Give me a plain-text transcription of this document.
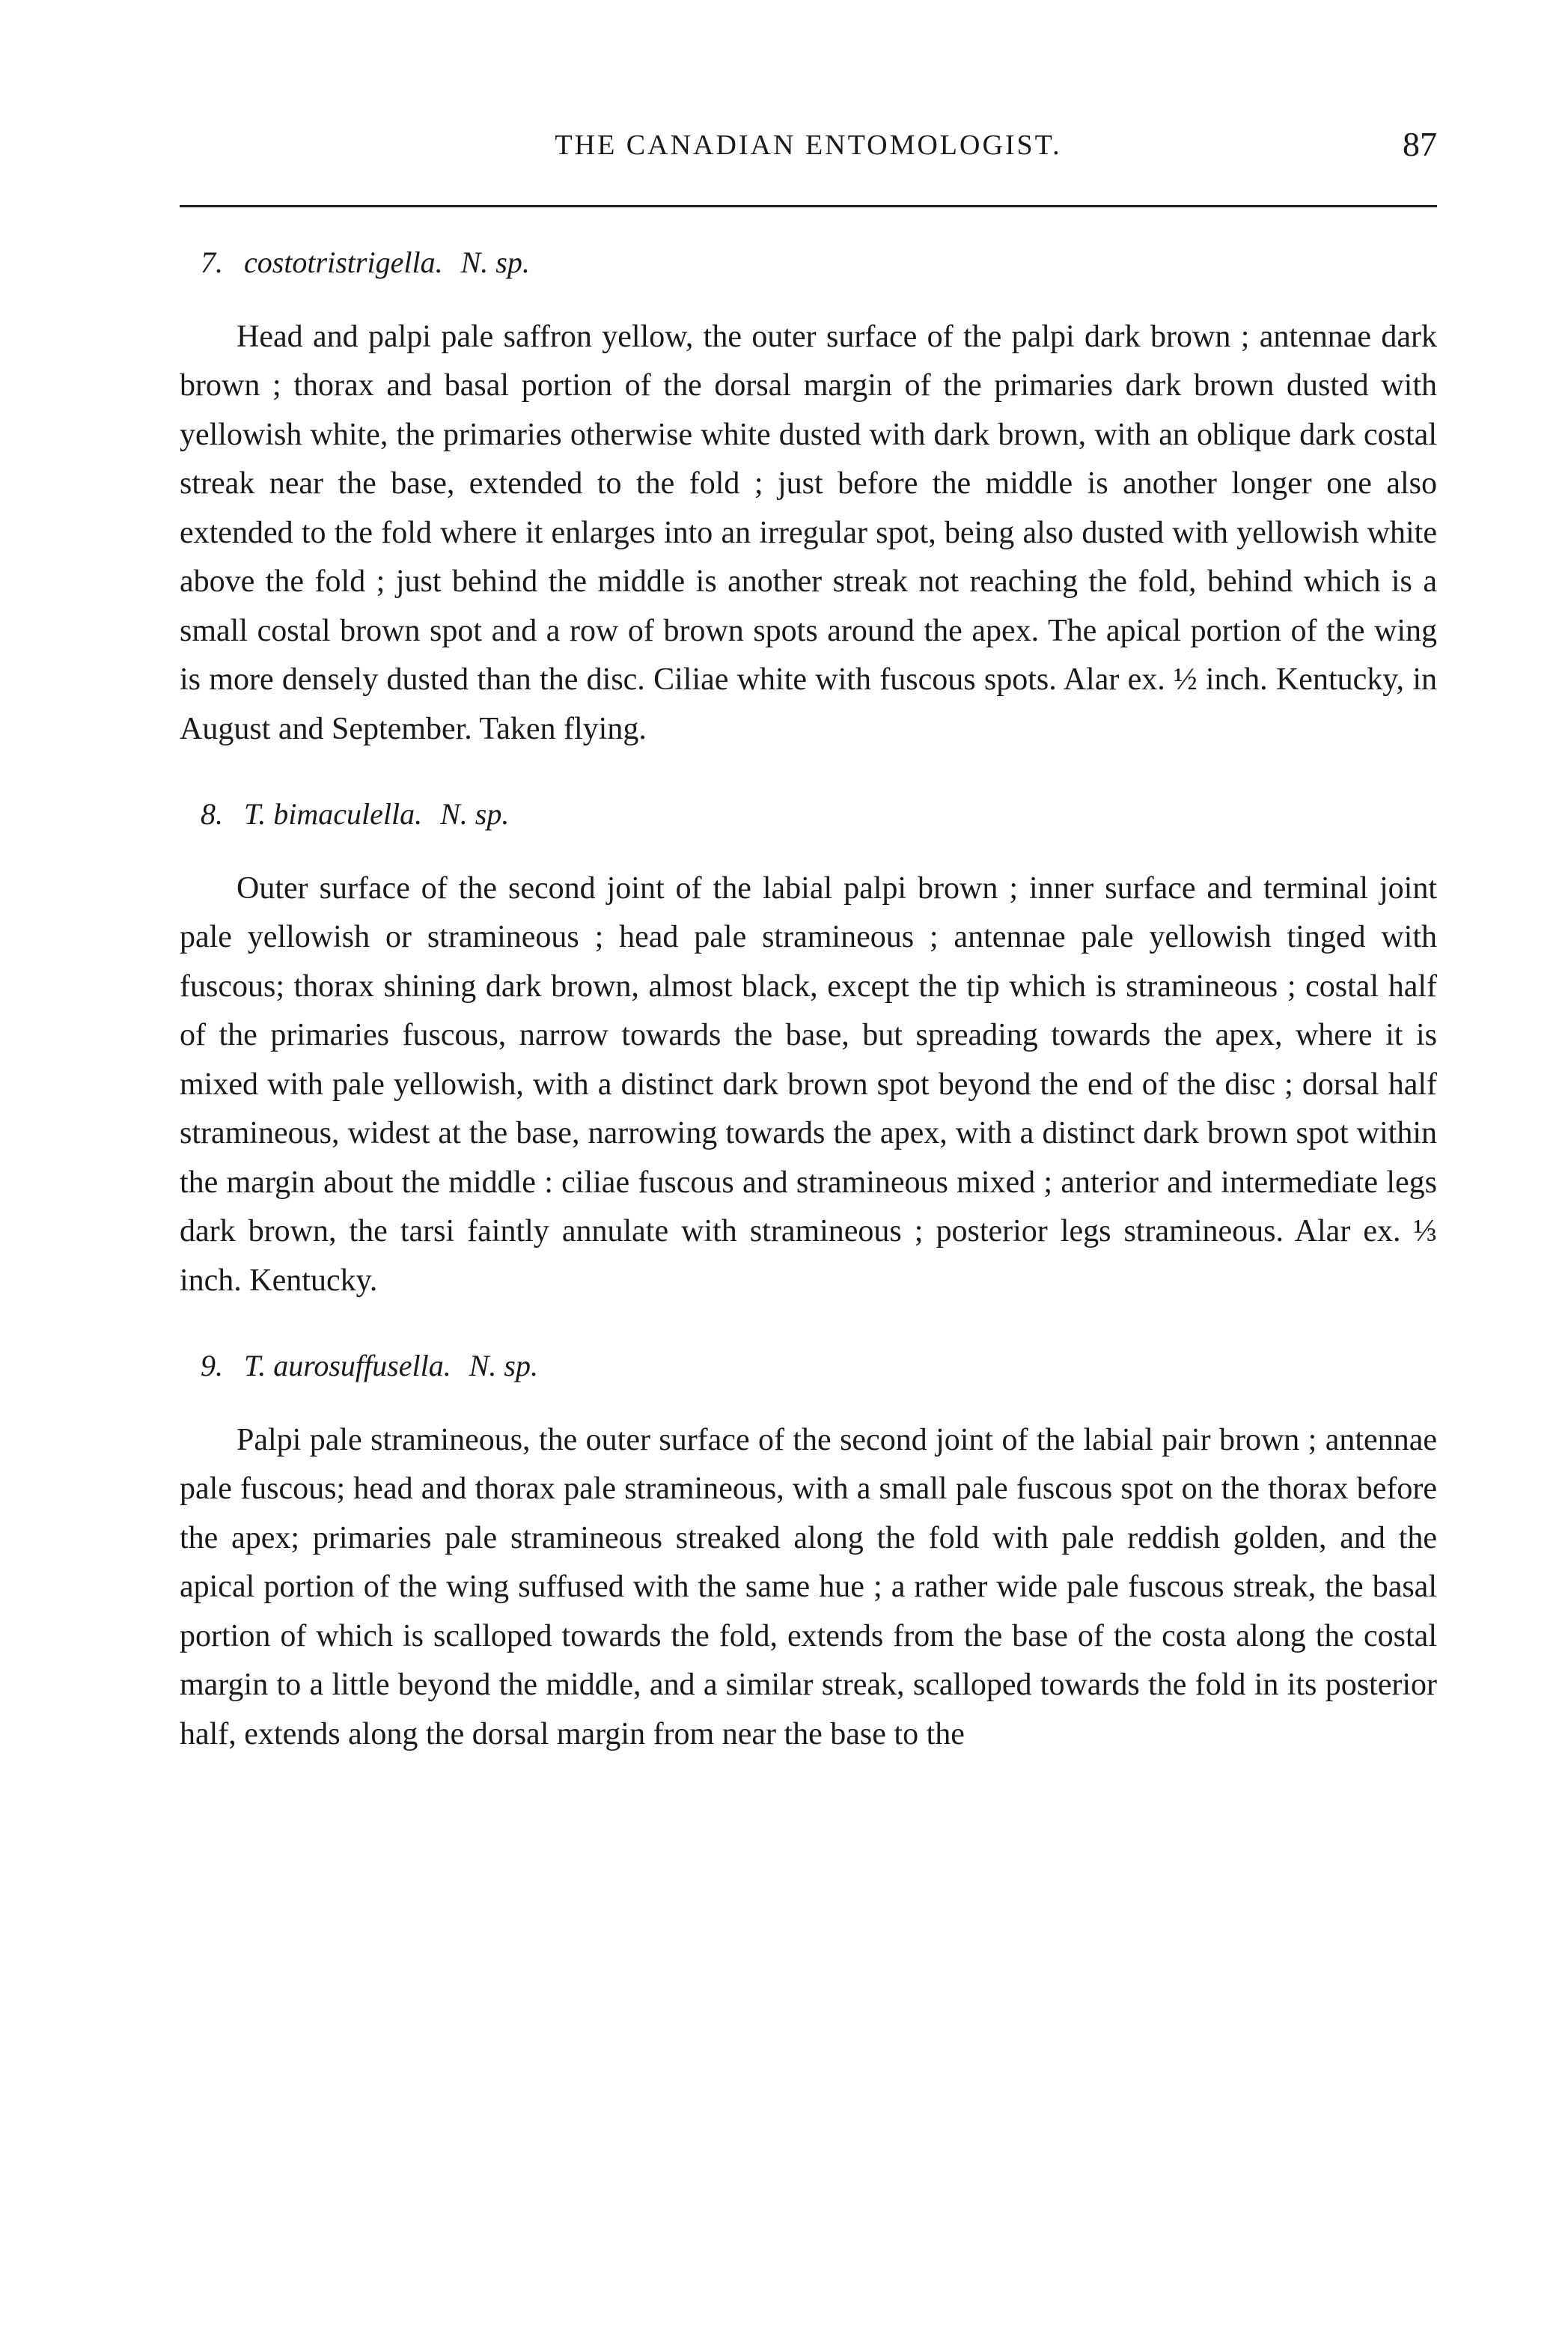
THE CANADIAN ENTOMOLOGIST.	87

7. costotristrigella. N. sp.

Head and palpi pale saffron yellow, the outer surface of the palpi dark brown ; antennae dark brown ; thorax and basal portion of the dorsal margin of the primaries dark brown dusted with yellowish white, the primaries otherwise white dusted with dark brown, with an oblique dark costal streak near the base, extended to the fold ; just before the middle is another longer one also extended to the fold where it enlarges into an irregular spot, being also dusted with yellowish white above the fold ; just behind the middle is another streak not reaching the fold, behind which is a small costal brown spot and a row of brown spots around the apex. The apical portion of the wing is more densely dusted than the disc. Ciliae white with fuscous spots. Alar ex. ½ inch. Kentucky, in August and September. Taken flying.

8. T. bimaculella. N. sp.

Outer surface of the second joint of the labial palpi brown ; inner surface and terminal joint pale yellowish or stramineous ; head pale stramineous ; antennae pale yellowish tinged with fuscous; thorax shining dark brown, almost black, except the tip which is stramineous ; costal half of the primaries fuscous, narrow towards the base, but spreading towards the apex, where it is mixed with pale yellowish, with a distinct dark brown spot beyond the end of the disc ; dorsal half stramineous, widest at the base, narrowing towards the apex, with a distinct dark brown spot within the margin about the middle : ciliae fuscous and stramineous mixed ; anterior and intermediate legs dark brown, the tarsi faintly annulate with stramineous ; posterior legs stramineous. Alar ex. ⅓ inch. Kentucky.

9. T. aurosuffusella. N. sp.

Palpi pale stramineous, the outer surface of the second joint of the labial pair brown ; antennae pale fuscous; head and thorax pale stramineous, with a small pale fuscous spot on the thorax before the apex; primaries pale stramineous streaked along the fold with pale reddish golden, and the apical portion of the wing suffused with the same hue ; a rather wide pale fuscous streak, the basal portion of which is scalloped towards the fold, extends from the base of the costa along the costal margin to a little beyond the middle, and a similar streak, scalloped towards the fold in its posterior half, extends along the dorsal margin from near the base to the
